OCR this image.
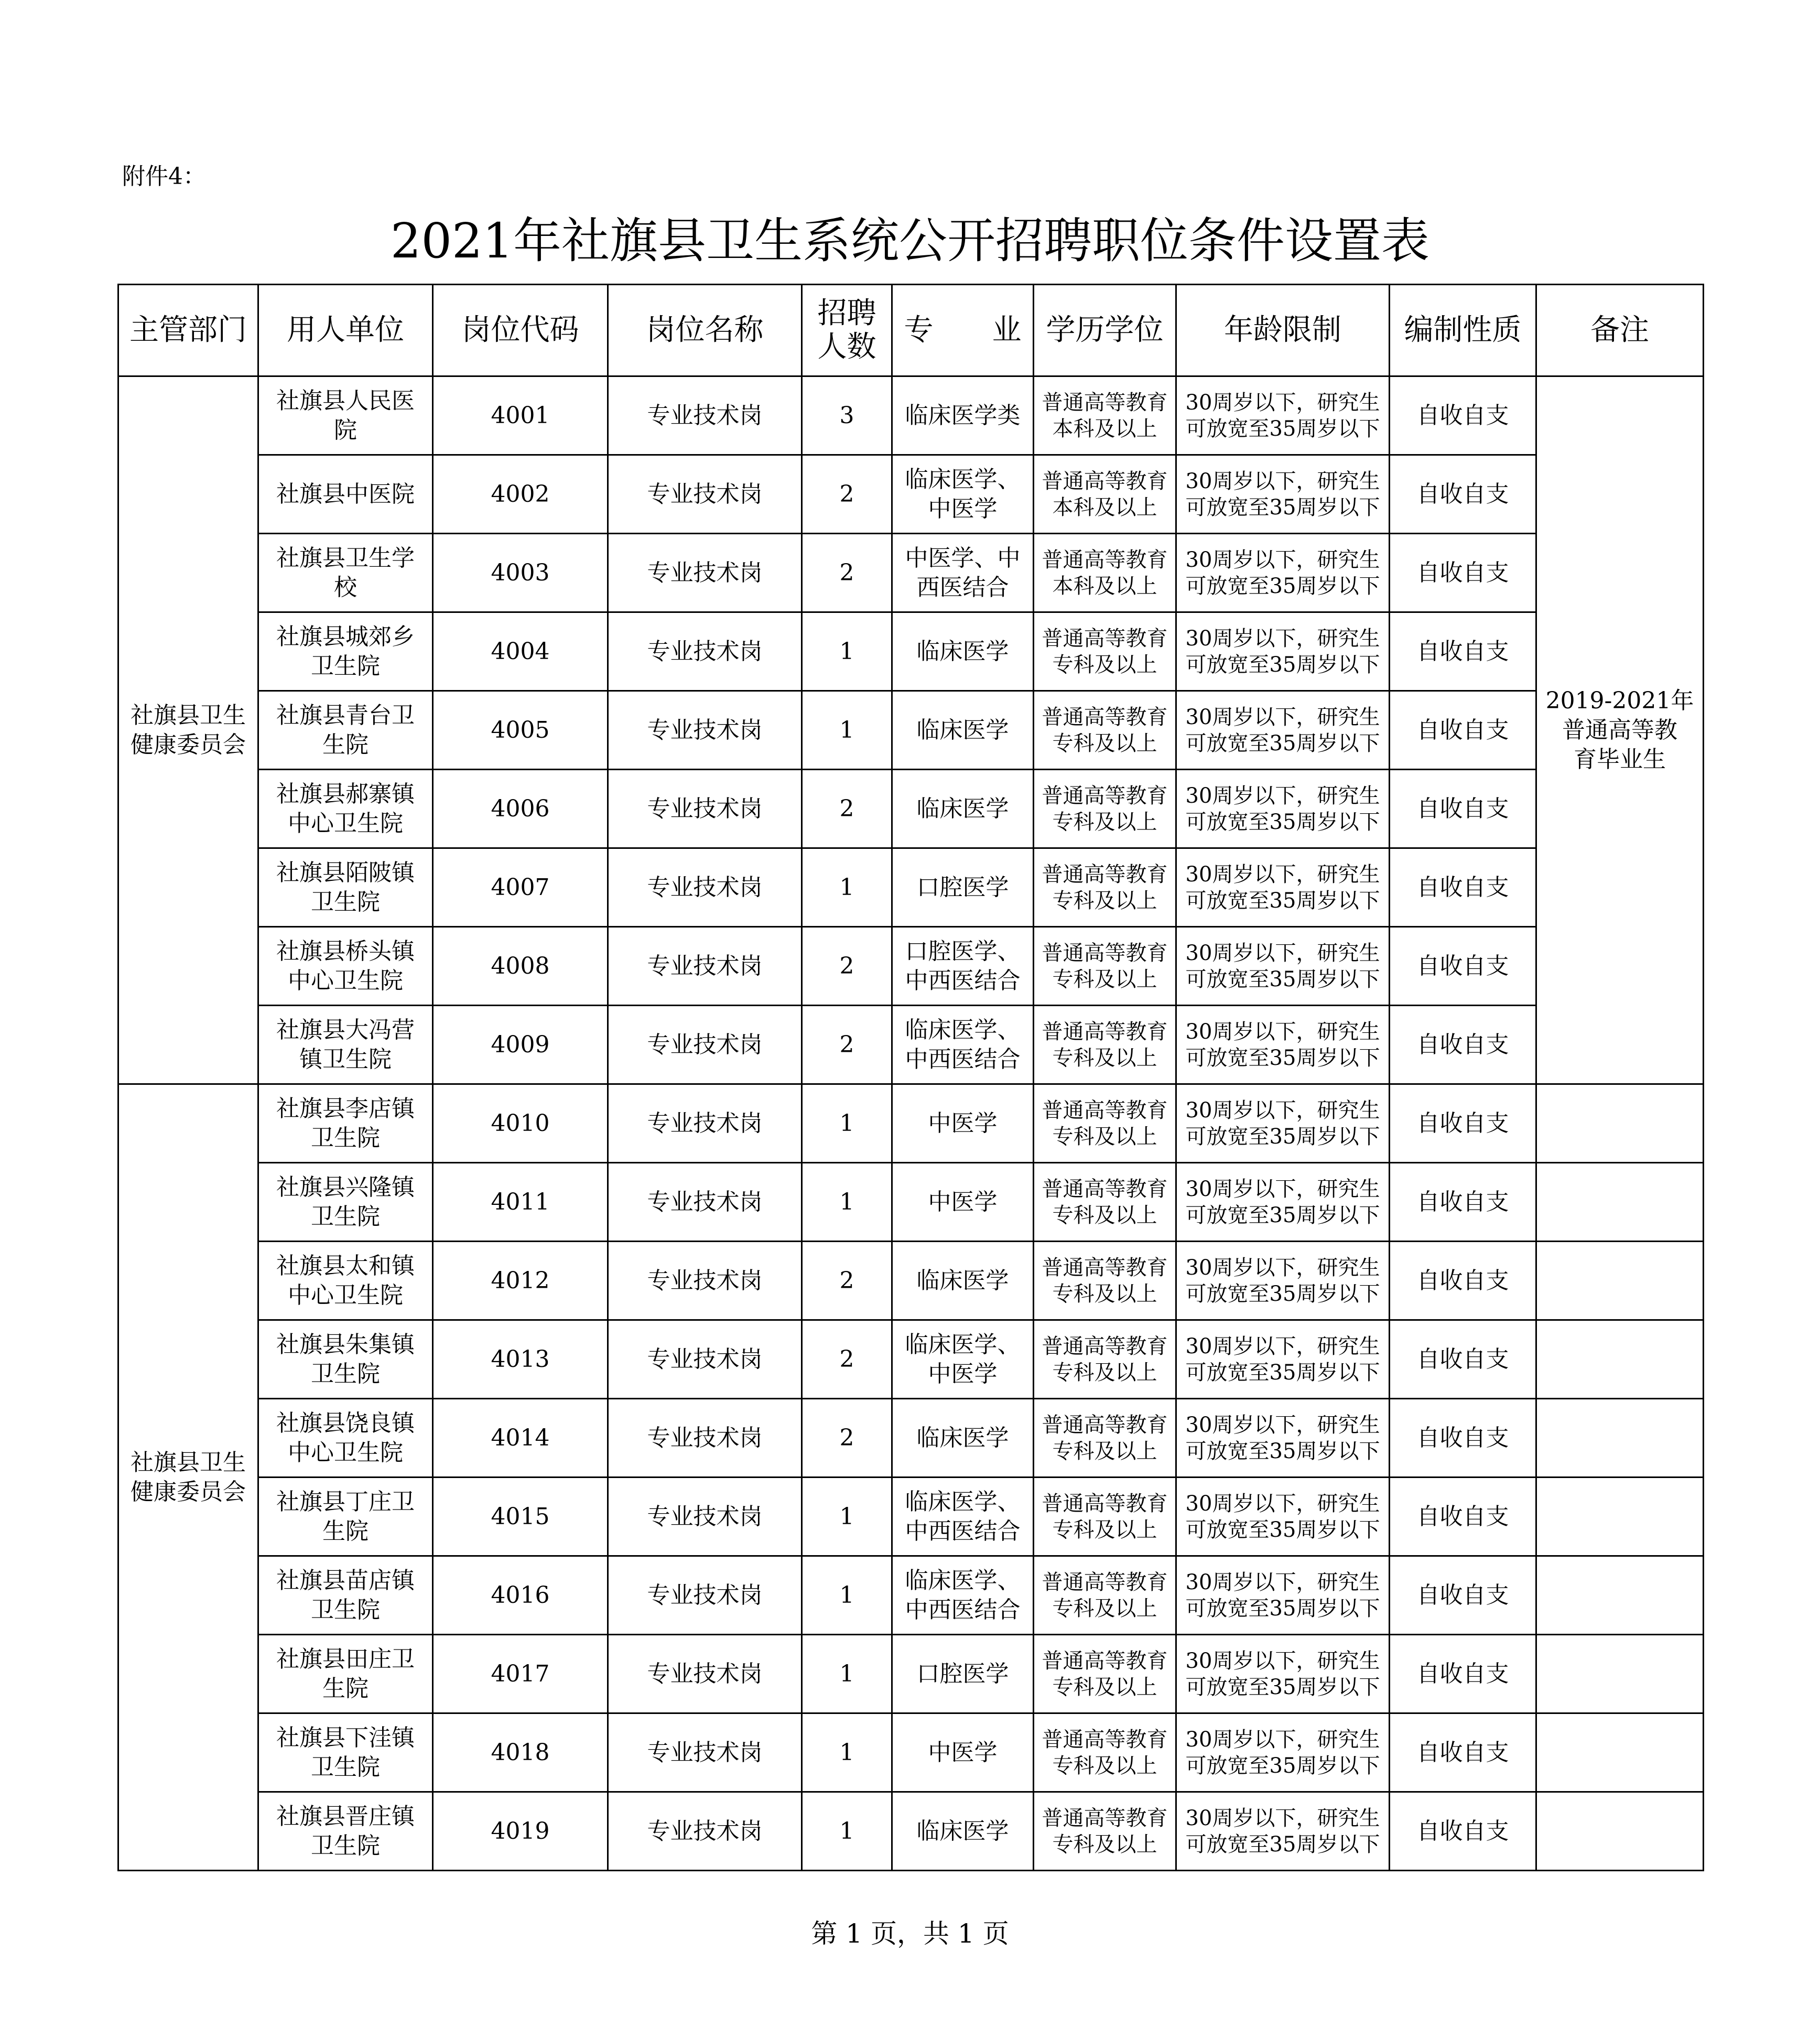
附件4：
2021年社旗县卫生系统公开招聘职位条件设置表
主管部门	用人单位	岗位代码	岗位名称	招聘
人数	专　　业	学历学位	年龄限制	编制性质	备注
社旗县卫生
健康委员会	社旗县人民医
院	4001	专业技术岗	3	临床医学类	普通高等教育
本科及以上	30周岁以下，研究生
可放宽至35周岁以下	自收自支	2019-2021年
普通高等教
育毕业生
	社旗县中医院	4002	专业技术岗	2	临床医学、
中医学	普通高等教育
本科及以上	30周岁以下，研究生
可放宽至35周岁以下	自收自支	
	社旗县卫生学
校	4003	专业技术岗	2	中医学、中
西医结合	普通高等教育
本科及以上	30周岁以下，研究生
可放宽至35周岁以下	自收自支	
	社旗县城郊乡
卫生院	4004	专业技术岗	1	临床医学	普通高等教育
专科及以上	30周岁以下，研究生
可放宽至35周岁以下	自收自支	
	社旗县青台卫
生院	4005	专业技术岗	1	临床医学	普通高等教育
专科及以上	30周岁以下，研究生
可放宽至35周岁以下	自收自支	
	社旗县郝寨镇
中心卫生院	4006	专业技术岗	2	临床医学	普通高等教育
专科及以上	30周岁以下，研究生
可放宽至35周岁以下	自收自支	
	社旗县陌陂镇
卫生院	4007	专业技术岗	1	口腔医学	普通高等教育
专科及以上	30周岁以下，研究生
可放宽至35周岁以下	自收自支	
	社旗县桥头镇
中心卫生院	4008	专业技术岗	2	口腔医学、
中西医结合	普通高等教育
专科及以上	30周岁以下，研究生
可放宽至35周岁以下	自收自支	
	社旗县大冯营
镇卫生院	4009	专业技术岗	2	临床医学、
中西医结合	普通高等教育
专科及以上	30周岁以下，研究生
可放宽至35周岁以下	自收自支	
社旗县卫生
健康委员会	社旗县李店镇
卫生院	4010	专业技术岗	1	中医学	普通高等教育
专科及以上	30周岁以下，研究生
可放宽至35周岁以下	自收自支	
	社旗县兴隆镇
卫生院	4011	专业技术岗	1	中医学	普通高等教育
专科及以上	30周岁以下，研究生
可放宽至35周岁以下	自收自支	
	社旗县太和镇
中心卫生院	4012	专业技术岗	2	临床医学	普通高等教育
专科及以上	30周岁以下，研究生
可放宽至35周岁以下	自收自支	
	社旗县朱集镇
卫生院	4013	专业技术岗	2	临床医学、
中医学	普通高等教育
专科及以上	30周岁以下，研究生
可放宽至35周岁以下	自收自支	
	社旗县饶良镇
中心卫生院	4014	专业技术岗	2	临床医学	普通高等教育
专科及以上	30周岁以下，研究生
可放宽至35周岁以下	自收自支	
	社旗县丁庄卫
生院	4015	专业技术岗	1	临床医学、
中西医结合	普通高等教育
专科及以上	30周岁以下，研究生
可放宽至35周岁以下	自收自支	
	社旗县苗店镇
卫生院	4016	专业技术岗	1	临床医学、
中西医结合	普通高等教育
专科及以上	30周岁以下，研究生
可放宽至35周岁以下	自收自支	
	社旗县田庄卫
生院	4017	专业技术岗	1	口腔医学	普通高等教育
专科及以上	30周岁以下，研究生
可放宽至35周岁以下	自收自支	
	社旗县下洼镇
卫生院	4018	专业技术岗	1	中医学	普通高等教育
专科及以上	30周岁以下，研究生
可放宽至35周岁以下	自收自支	
	社旗县晋庄镇
卫生院	4019	专业技术岗	1	临床医学	普通高等教育
专科及以上	30周岁以下，研究生
可放宽至35周岁以下	自收自支	
第 1 页，共 1 页
